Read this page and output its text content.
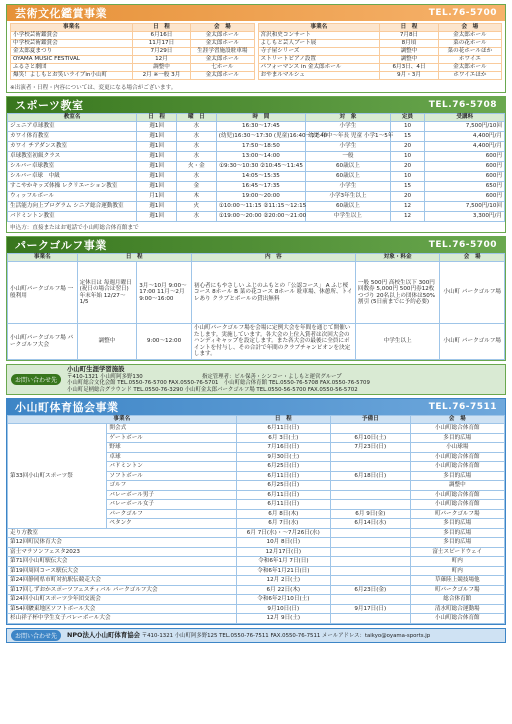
芸術文化鑑賞事業	TEL.76-5700
事業名	日　程	会　場
小学校芸術鑑賞会	6月16日	金太郎ホール
中学校芸術鑑賞会	11月17日	金太郎ホール
金太郎夏まつり	7月29日	生涯学習施設駐車場
OYAMA MUSIC FESTIVAL	12月	金太郎ホール
ふるさと劇団	調整中	七ホール
爆笑！よしもとお笑いライブin小山町	2月 ※一般 3月	金太郎ホール
事業名	日　程	会　場
宮沢和史コンサート	7月8日	金太郎ホール
よしもと芸人ブート展	8月頃	菜の花ホール
寺子屋シリーズ	調整中	菜の花ホールほか
ストリートピアノ設置	調整中	ホワイエ
パフォーマンス in 金太郎ホール	6月3日、4日	金太郎ホール
おやまルマルシェ	9月・3月	ホワイエほか
※出演者・日程・内容については、変更になる場合がございます。
スポーツ教室	TEL.76-5708
教室名	日　程	曜　日	時　間	対　象	定員	受講料
ジュニア卓球教室	週1回	水	16:30～17:45	小学生	10	7,500円/10回
カワイ体育教室	週1回	水	(幼児)16:30～17:30 (児童)16:40～17:40	幼児 年中～年長 児童 小学1～5年	15	4,400円/月
カワイ チアダンス教室	週1回	水	17:50～18:50	小学生	20	4,400円/月
卓球教室初級クラス	週1回	水	13:00～14:00	一般	10	600円
シルバー卓球教室	週1回	火・金	①9:30～10:30 ②10:45～11:45	60歳以上	20	600円
シルバー卓球　中級	週1回	水	14:05～15:35	60歳以上	10	600円
すこやかキッズ体操 レクリエーション教室	週1回	金	16:45～17:35	小学生	15	650円
ウィッフルボール	月1回	木	19:00～20:00	小学3年生以上	20	600円
生活能力向上プログラム シニア総合運動教室	週1回	火	①10:00～11:15 ②11:15～12:15	60歳以上	12	7,500円/10回
バドミントン教室	週1回	水	①19:00～20:00 ②20:00～21:00	中学生以上	12	3,300円/月
申込方：直接またはお電話で小山町総合体育館まで
パークゴルフ事業	TEL.76-5700
事業名	日　程		内　容	対象・料金	会　場
小山町パークゴルフ場 一般利用	定休日は 毎週月曜日 (祝日の場合は翌日) 年末年始 12/27～1/5	3月～10月 9:00～17:00 11月～2月 9:00～16:00	初心者にもやさしい ふじのふもとの「公認コース」 A ふじ桜コース 8ホール B 菜の花コース 8ホール 駐車場、休憩所、トイレあり クラブとボールの貸出無料	一般 500円 高校生以下 300円 回数券 5,000円 500円券12枚つづり 20名以上の団体は50%割引 (5日前までに予約必要)	小山町 パークゴルフ場
小山町パークゴルフ場 パークゴルフ大会	調整中	9:00～12:00	小山町パークゴルフ場を会場に定例大会を年間を通じて開催いたします。実施しています。各大会の上位入賞者は次回大会のハンディキャップを設定します。また各大会の最後に全員にポイントを付与し、その合計で年間のクラブチャンピオンを決定します。	中学生以上	小山町 パークゴルフ場
お問い合わせ先
小山町生涯学習施設
〒410-1321 小山町阿多野130　　　　　　　　　　　指定管理者：ビル保善・シンコー・よしもと運営グループ
小山町総合文化会館 TEL.0550-76-5700 FAX.0550-76-5701　小山町総合体育館 TEL.0550-76-5708 FAX.0550-76-5709
小山町足柄総合グラウンド TEL.0550-76-3290 小山町金太郎パークゴルフ場 TEL.0550-56-5700 FAX.0550-56-5702
小山町体育協会事業	TEL.76-7511
事業名		日　程	予備日	会　場
第33回小山町スポーツ祭	開会式	6月11日(日)		小山町総合体育館
	ゲートボール	6月 3日(土)	6月10日(土)	多目的広場
	野球	7月16日(日)	7月23日(日)	小山球場
	卓球	9月30日(土)		小山町総合体育館
	バドミントン	6月25日(日)		小山町総合体育館
	ソフトボール	6月11日(日)	6月18日(日)	多目的広場
	ゴルフ	6月25日(日)		調整中
	バレーボール男子	6月11日(日)		小山町総合体育館
	バレーボール女子	6月11日(日)		小山町総合体育館
	パークゴルフ	6月 8日(木)	6月 9日(金)	町パークゴルフ場
	ペタンク	6月 7日(水)	6月14日(水)	多目的広場
走り方教室		6月 7日(水)・～7月26日(水)		多目的広場
第12回町民体育大会		10月 8日(日)		多目的広場
富士マラソンフェスタ2023		12月17日(日)		富士スピードウェイ
第71回小山町駅伝大会		令和6年1月 7日(日)		町内
第19回周回コース駅伝大会		令和6年1月21日(日)		町内
第24回静岡県市町対抗駅伝競走大会		12月 2日(土)		草薙陸上競技場他
第17回しずおかスポーツフェスティバル パークゴルフ大会		6月 22日(木)	6月23日(金)	町パークゴルフ場
第24回小山町スポーツ少年団交流会		令和6年2月10日(土)		総合体育館
第54回駿東地区ソフトボール大会		9月10日(日)	9月17日(日)	清水町総合運動場
杉山祥子杯中学生女子バレーボール大会		12月 9日(土)		小山町総合体育館
お問い合わせ先	NPO法人小山町体育協会 〒410-1321 小山町阿多野125 TEL.0550-76-7511 FAX.0550-76-7511 メールアドレス：taikyo@oyama-sports.jp
